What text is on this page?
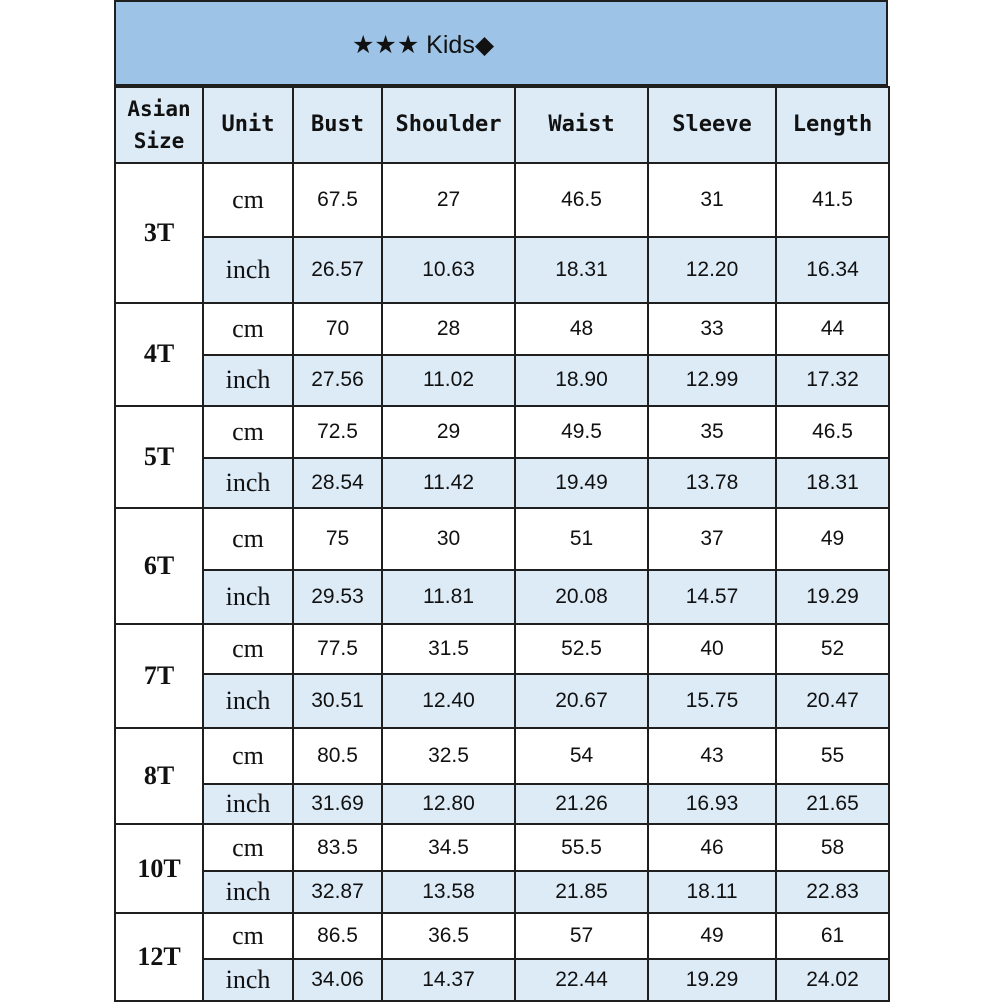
★★★ Kids◆
Asian Size	Unit	Bust	Shoulder	Waist	Sleeve	Length
3T	cm	67.5	27	46.5	31	41.5
	inch	26.57	10.63	18.31	12.20	16.34
4T	cm	70	28	48	33	44
	inch	27.56	11.02	18.90	12.99	17.32
5T	cm	72.5	29	49.5	35	46.5
	inch	28.54	11.42	19.49	13.78	18.31
6T	cm	75	30	51	37	49
	inch	29.53	11.81	20.08	14.57	19.29
7T	cm	77.5	31.5	52.5	40	52
	inch	30.51	12.40	20.67	15.75	20.47
8T	cm	80.5	32.5	54	43	55
	inch	31.69	12.80	21.26	16.93	21.65
10T	cm	83.5	34.5	55.5	46	58
	inch	32.87	13.58	21.85	18.11	22.83
12T	cm	86.5	36.5	57	49	61
	inch	34.06	14.37	22.44	19.29	24.02
